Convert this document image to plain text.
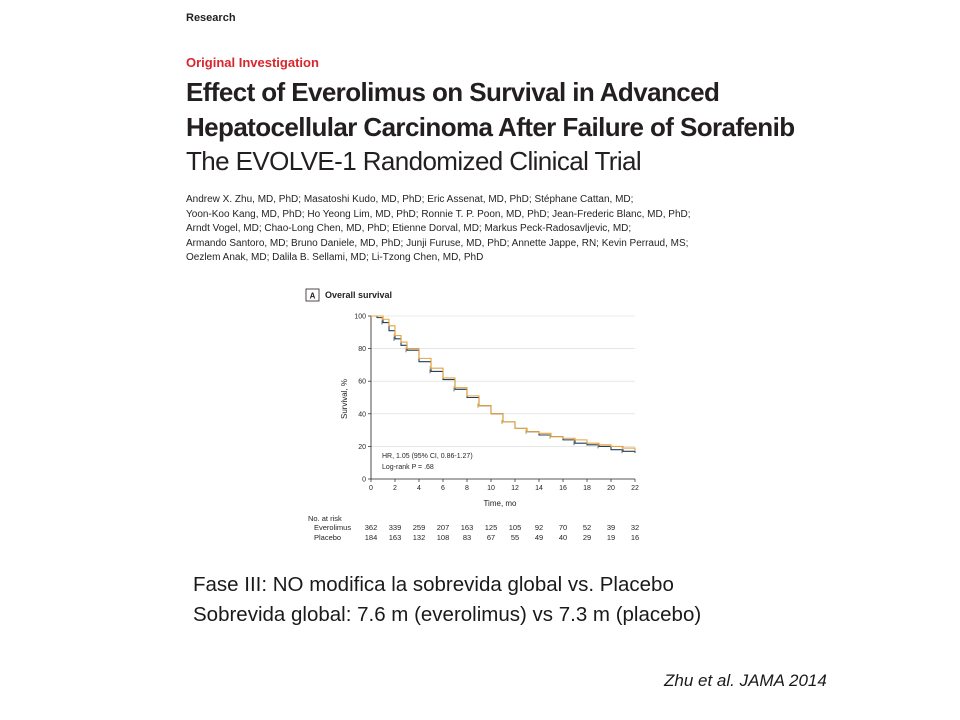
Research
Original Investigation
Effect of Everolimus on Survival in Advanced
Hepatocellular Carcinoma After Failure of Sorafenib
The EVOLVE-1 Randomized Clinical Trial
Andrew X. Zhu, MD, PhD; Masatoshi Kudo, MD, PhD; Eric Assenat, MD, PhD; Stéphane Cattan, MD;
Yoon-Koo Kang, MD, PhD; Ho Yeong Lim, MD, PhD; Ronnie T. P. Poon, MD, PhD; Jean-Frederic Blanc, MD, PhD;
Arndt Vogel, MD; Chao-Long Chen, MD, PhD; Etienne Dorval, MD; Markus Peck-Radosavljevic, MD;
Armando Santoro, MD; Bruno Daniele, MD, PhD; Junji Furuse, MD, PhD; Annette Jappe, RN; Kevin Perraud, MS;
Oezlem Anak, MD; Dalila B. Sellami, MD; Li-Tzong Chen, MD, PhD
A Overall survival
0
20
40
60
80
100
0	2	4	6	8	10 12 14 16 18 20 22
Survival, %
Time, mo
HR, 1.05 (95% CI, 0.86-1.27)
Log-rank P = .68
No. at risk
Everolimus 362 339 259 207 163 125 105 92 70 52 39 32
Placebo	184 163 132 108 83 67 55 49 40 29 19 16
Fase III: NO modifica la sobrevida global vs. Placebo
Sobrevida global: 7.6 m (everolimus) vs 7.3 m (placebo)
Zhu et al. JAMA 2014
